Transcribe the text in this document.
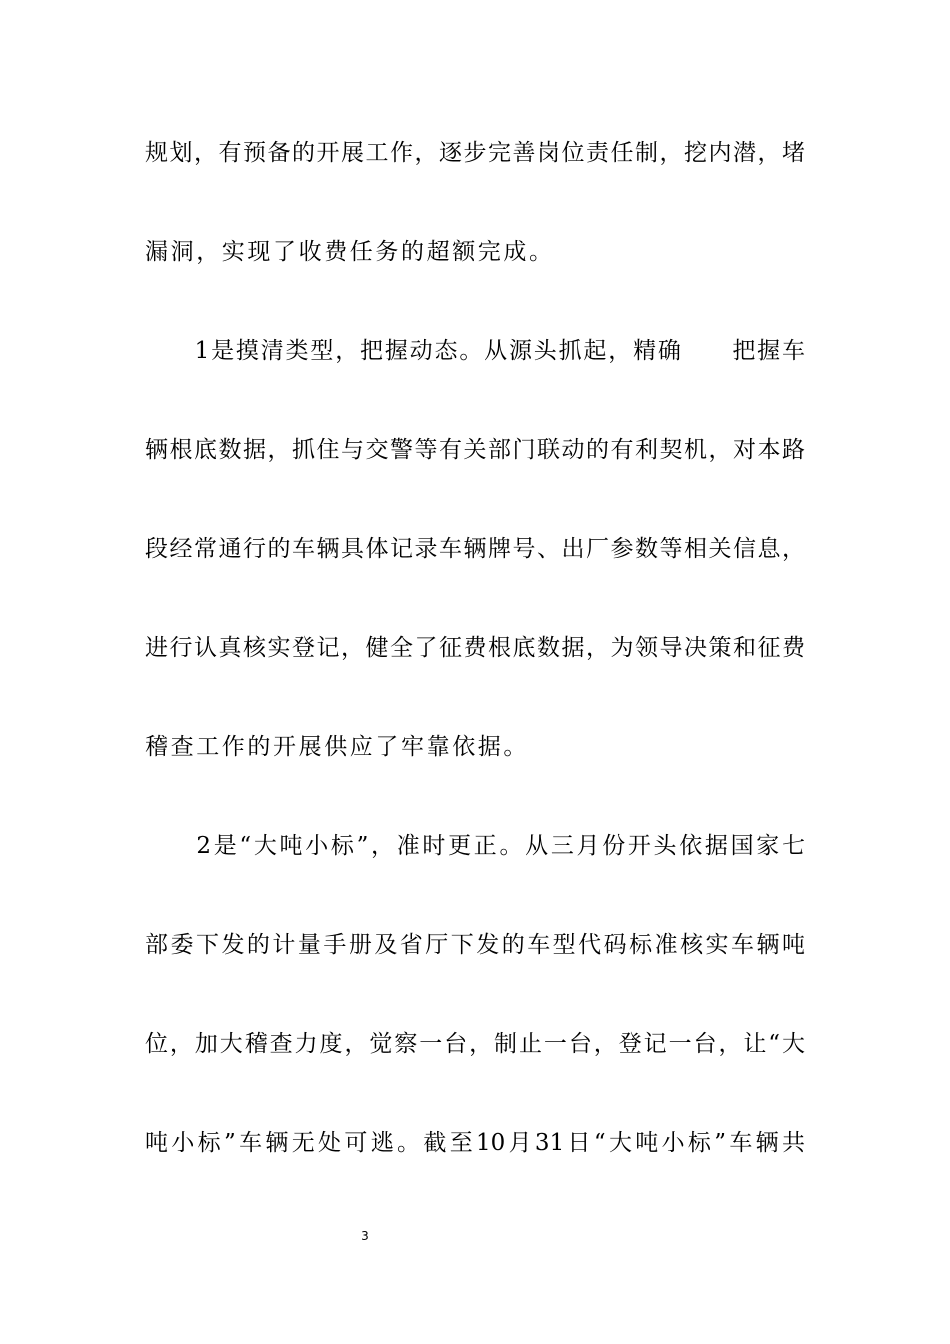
规划，有预备的开展工作，逐步完善岗位责任制，挖内潜，堵
漏洞，实现了收费任务的超额完成。
　　1是摸清类型，把握动态。从源头抓起，精确　　把握车
辆根底数据，抓住与交警等有关部门联动的有利契机，对本路
段经常通行的车辆具体记录车辆牌号、出厂参数等相关信息，
进行认真核实登记，健全了征费根底数据，为领导决策和征费
稽查工作的开展供应了牢靠依据。
　　2是“大吨小标”，准时更正。从三月份开头依据国家七
部委下发的计量手册及省厅下发的车型代码标准核实车辆吨
位，加大稽查力度，觉察一台，制止一台，登记一台，让“大
吨小标”车辆无处可逃。截至10月31日“大吨小标”车辆共
3
